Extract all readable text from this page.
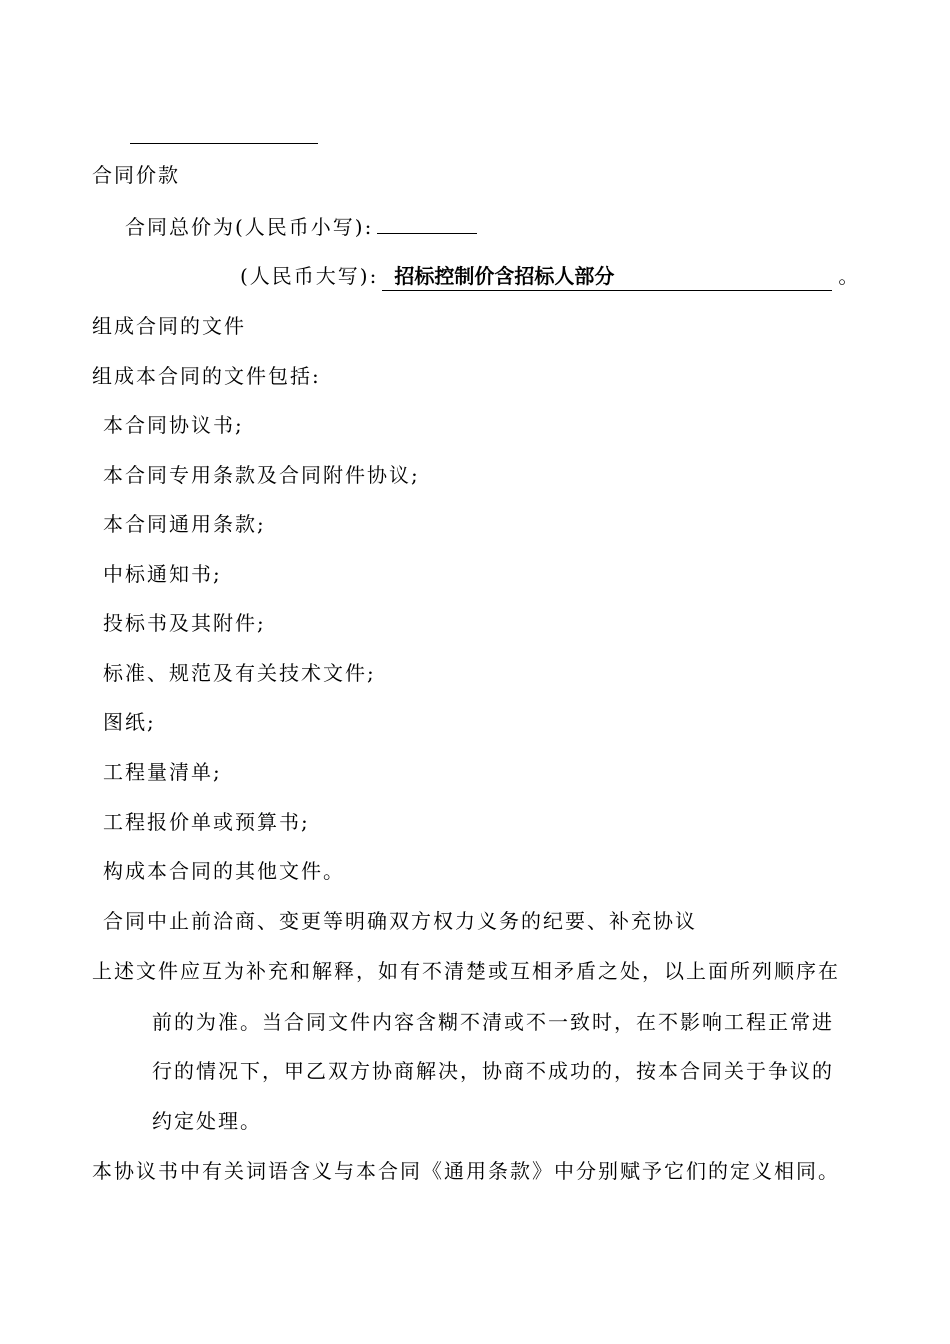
合同价款
合同总价为(人民币小写):
(人民币大写): 招标控制价含招标人部分	。
组成合同的文件
组成本合同的文件包括:
本合同协议书;
本合同专用条款及合同附件协议;
本合同通用条款;
中标通知书;
投标书及其附件;
标准、规范及有关技术文件;
图纸;
工程量清单;
工程报价单或预算书;
构成本合同的其他文件。
合同中止前洽商、变更等明确双方权力义务的纪要、补充协议
上述文件应互为补充和解释，如有不清楚或互相矛盾之处，以上面所列顺序在
前的为准。当合同文件内容含糊不清或不一致时，在不影响工程正常进
行的情况下，甲乙双方协商解决，协商不成功的，按本合同关于争议的
约定处理。
本协议书中有关词语含义与本合同《通用条款》中分别赋予它们的定义相同。
